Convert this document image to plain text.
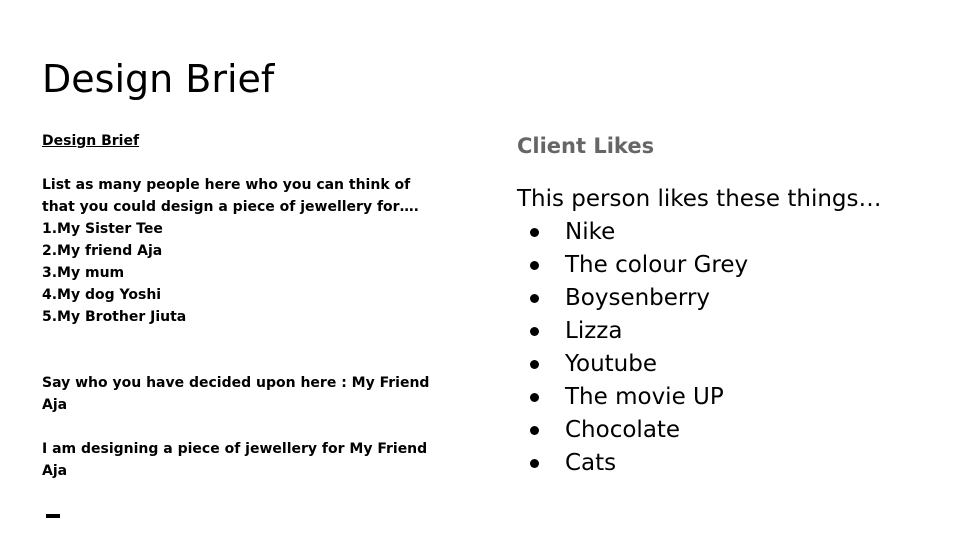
Design Brief

Design Brief

List as many people here who you can think of

that you could design a piece of jewellery for….

1.My Sister Tee
2.My friend Aja
3.My mum
4.My dog Yoshi
5.My Brother Jiuta

Say who you have decided upon here : My Friend Aja

I am designing a piece of jewellery for My Friend Aja

Client Likes

This person likes these things…

Nike
The colour Grey
Boysenberry
Lizza
Youtube
The movie UP
Chocolate
Cats
